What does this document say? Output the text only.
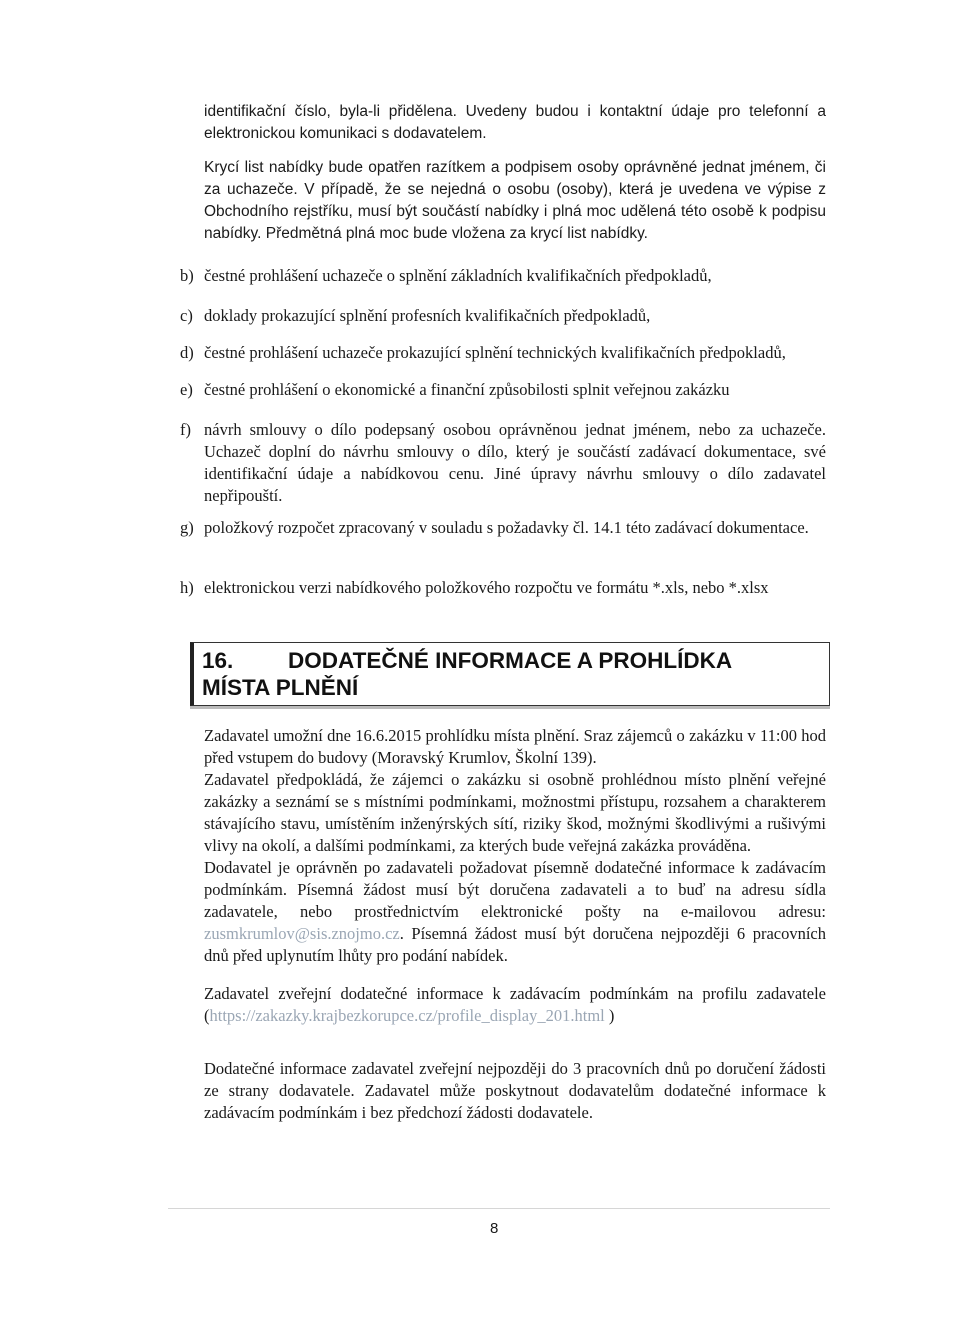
identifikační číslo, byla-li přidělena. Uvedeny budou i kontaktní údaje pro telefonní a elektronickou komunikaci s dodavatelem.

Krycí list nabídky bude opatřen razítkem a podpisem osoby oprávněné jednat jménem, či za uchazeče. V případě, že se nejedná o osobu (osoby), která je uvedena ve výpise z Obchodního rejstříku, musí být součástí nabídky i plná moc udělená této osobě k podpisu nabídky. Předmětná plná moc bude vložena za krycí list nabídky.

b) čestné prohlášení uchazeče o splnění základních kvalifikačních předpokladů,
c) doklady prokazující splnění profesních kvalifikačních předpokladů,
d) čestné prohlášení uchazeče prokazující splnění technických kvalifikačních předpokladů,
e) čestné prohlášení o ekonomické a finanční způsobilosti splnit veřejnou zakázku
f) návrh smlouvy o dílo podepsaný osobou oprávněnou jednat jménem, nebo za uchazeče. Uchazeč doplní do návrhu smlouvy o dílo, který je součástí zadávací dokumentace, své identifikační údaje a nabídkovou cenu. Jiné úpravy návrhu smlouvy o dílo zadavatel nepřipouští.
g) položkový rozpočet zpracovaný v souladu s požadavky čl. 14.1 této zadávací dokumentace.
h) elektronickou verzi nabídkového položkového rozpočtu ve formátu *.xls, nebo *.xlsx
16. DODATEČNÉ INFORMACE A PROHLÍDKA
MÍSTA PLNĚNÍ
Zadavatel umožní dne 16.6.2015 prohlídku místa plnění. Sraz zájemců o zakázku v 11:00 hod před vstupem do budovy (Moravský Krumlov, Školní 139).
Zadavatel předpokládá, že zájemci o zakázku si osobně prohlédnou místo plnění veřejné zakázky a seznámí se s místními podmínkami, možnostmi přístupu, rozsahem a charakterem stávajícího stavu, umístěním inženýrských sítí, riziky škod, možnými škodlivými a rušivými vlivy na okolí, a dalšími podmínkami, za kterých bude veřejná zakázka prováděna.
Dodavatel je oprávněn po zadavateli požadovat písemně dodatečné informace k zadávacím podmínkám. Písemná žádost musí být doručena zadavateli a to buď na adresu sídla zadavatele, nebo prostřednictvím elektronické pošty na e-mailovou adresu: zusmkrumlov@sis.znojmo.cz. Písemná žádost musí být doručena nejpozději 6 pracovních dnů před uplynutím lhůty pro podání nabídek.

Zadavatel zveřejní dodatečné informace k zadávacím podmínkám na profilu zadavatele (https://zakazky.krajbezkorupce.cz/profile_display_201.html )

Dodatečné informace zadavatel zveřejní nejpozději do 3 pracovních dnů po doručení žádosti ze strany dodavatele. Zadavatel může poskytnout dodavatelům dodatečné informace k zadávacím podmínkám i bez předchozí žádosti dodavatele.

8
